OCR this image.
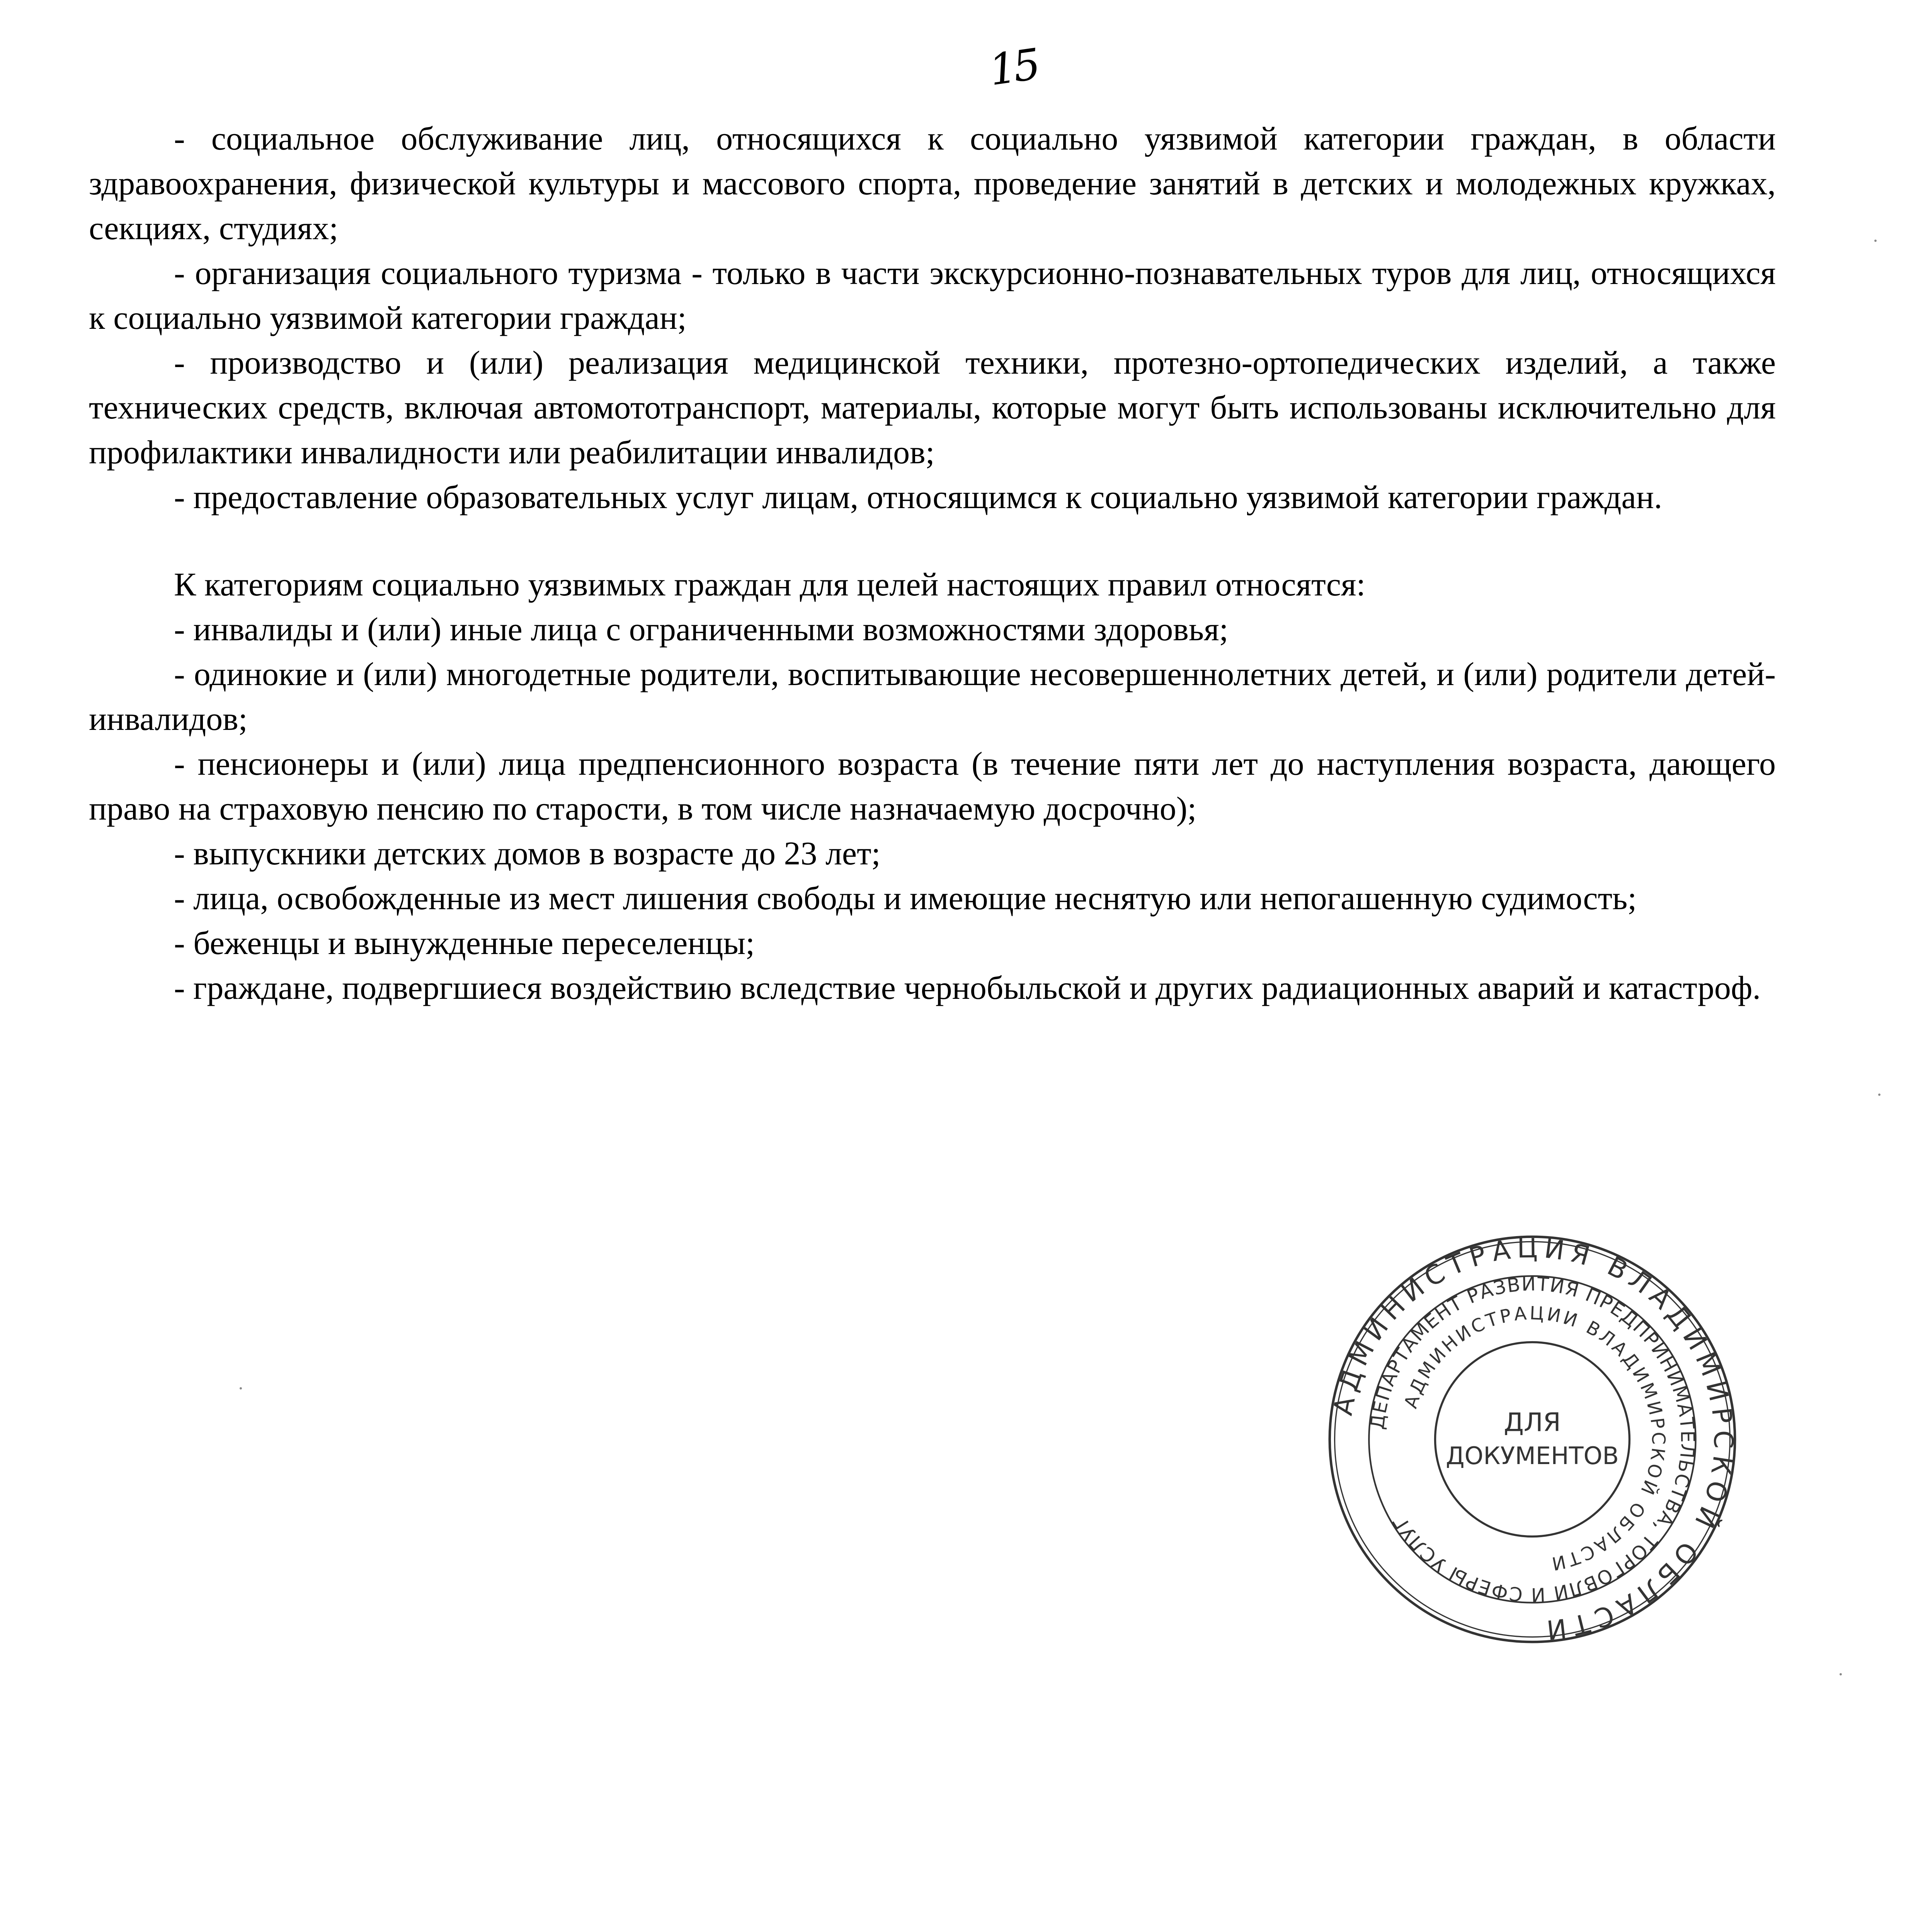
15

- социальное обслуживание лиц, относящихся к социально уязвимой категории граждан, в области здравоохранения, физической культуры и массового спорта, проведение занятий в детских и молодежных кружках, секциях, студиях;

- организация социального туризма - только в части экскурсионно-познавательных туров для лиц, относящихся к социально уязвимой категории граждан;

- производство и (или) реализация медицинской техники, протезно-ортопедических изделий, а также технических средств, включая автомототранспорт, материалы, которые могут быть использованы исключительно для профилактики инвалидности или реабилитации инвалидов;

- предоставление образовательных услуг лицам, относящимся к социально уязвимой категории граждан.

К категориям социально уязвимых граждан для целей настоящих правил относятся:

- инвалиды и (или) иные лица с ограниченными возможностями здоровья;

- одинокие и (или) многодетные родители, воспитывающие несовершеннолетних детей, и (или) родители детей-инвалидов;

- пенсионеры и (или) лица предпенсионного возраста (в течение пяти лет до наступления возраста, дающего право на страховую пенсию по старости, в том числе назначаемую досрочно);

- выпускники детских домов в возрасте до 23 лет;

- лица, освобожденные из мест лишения свободы и имеющие неснятую или непогашенную судимость;

- беженцы и вынужденные переселенцы;

- граждане, подвергшиеся воздействию вследствие чернобыльской и других радиационных аварий и катастроф.

АДМИНИСТРАЦИЯ ВЛАДИМИРСКОЙ ОБЛАСТИ
ДЕПАРТАМЕНТ РАЗВИТИЯ ПРЕДПРИНИМАТЕЛЬСТВА, ТОРГОВЛИ И СФЕРЫ УСЛУГ
АДМИНИСТРАЦИИ ВЛАДИМИРСКОЙ ОБЛАСТИ
ДЛЯ
ДОКУМЕНТОВ
